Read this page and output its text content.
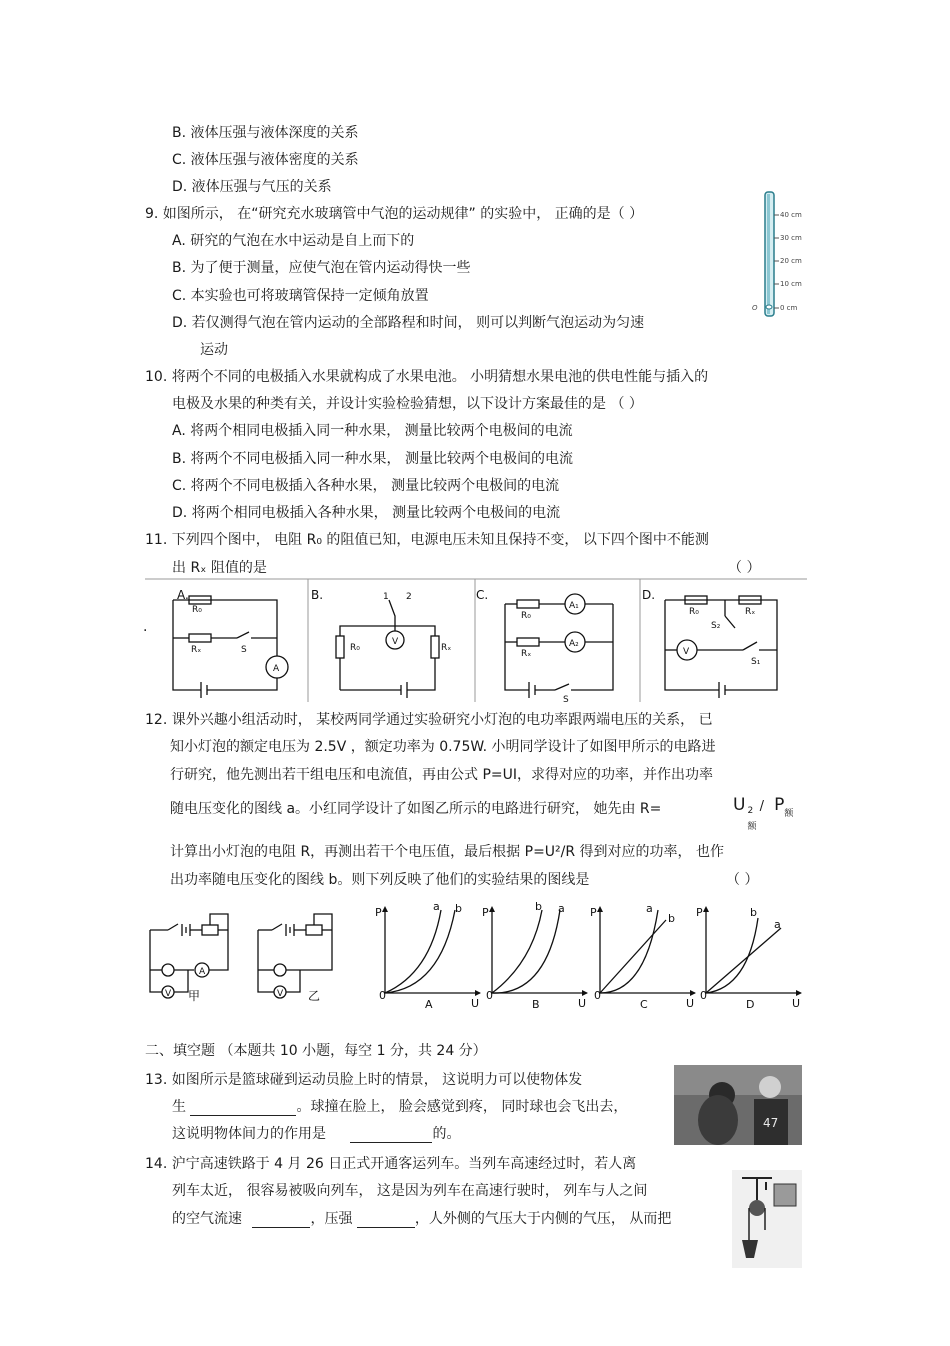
B. 液体压强与液体深度的关系
C. 液体压强与液体密度的关系
D. 液体压强与气压的关系
9. 如图所示， 在“研究充水玻璃管中气泡的运动规律” 的实验中， 正确的是（ ）
A. 研究的气泡在水中运动是自上而下的
B. 为了便于测量，应使气泡在管内运动得快一些
C. 本实验也可将玻璃管保持一定倾角放置
D. 若仅测得气泡在管内运动的全部路程和时间， 则可以判断气泡运动为匀速
运动
40 cm
30 cm
20 cm
10 cm
0 cm
O
10. 将两个不同的电极插入水果就构成了水果电池。 小明猜想水果电池的供电性能与插入的
电极及水果的种类有关，并设计实验检验猜想，以下设计方案最佳的是 （ ）
A. 将两个相同电极插入同一种水果， 测量比较两个电极间的电流
B. 将两个不同电极插入同一种水果， 测量比较两个电极间的电流
C. 将两个不同电极插入各种水果， 测量比较两个电极间的电流
D. 将两个相同电极插入各种水果， 测量比较两个电极间的电流
11. 下列四个图中， 电阻 R₀ 的阻值已知，电源电压未知且保持不变， 以下四个图中不能测
出 Rₓ 阻值的是	（ ）
.
A.	B.	C.	D.
R₀
Rₓ	S
A
1 2
V
R₀	Rₓ
R₀
Rₓ
A₁
A₂
S
R₀	Rₓ
S₂
V
S₁
12. 课外兴趣小组活动时， 某校两同学通过实验研究小灯泡的电功率跟两端电压的关系， 已
知小灯泡的额定电压为 2.5V ，额定功率为 0.75W. 小明同学设计了如图甲所示的电路进
行研究，他先测出若干组电压和电流值，再由公式 P=UI，求得对应的功率，并作出功率
随电压变化的图线 a。小红同学设计了如图乙所示的电路进行研究， 她先由 R=	U 2
额
/ $P_额$
计算出小灯泡的电阻 R，再测出若干个电压值，最后根据 P=U²/R 得到对应的功率， 也作
出功率随电压变化的图线 b。则下列反映了他们的实验结果的图线是	（ ）
V
A
甲	V 乙
P
0
U
A
a b P
0
U
B
b a P
0
U
C
a
b P
0
U
D
b
a
二、填空题 （本题共 10 小题，每空 1 分，共 24 分）
13. 如图所示是篮球碰到运动员脸上时的情景， 这说明力可以使物体发
生	。球撞在脸上， 脸会感觉到疼， 同时球也会飞出去，
这说明物体间力的作用是	的。
47
14. 沪宁高速铁路于 4 月 26 日正式开通客运列车。当列车高速经过时，若人离
列车太近， 很容易被吸向列车， 这是因为列车在高速行驶时， 列车与人之间
的空气流速	，压强	，人外侧的气压大于内侧的气压， 从而把
